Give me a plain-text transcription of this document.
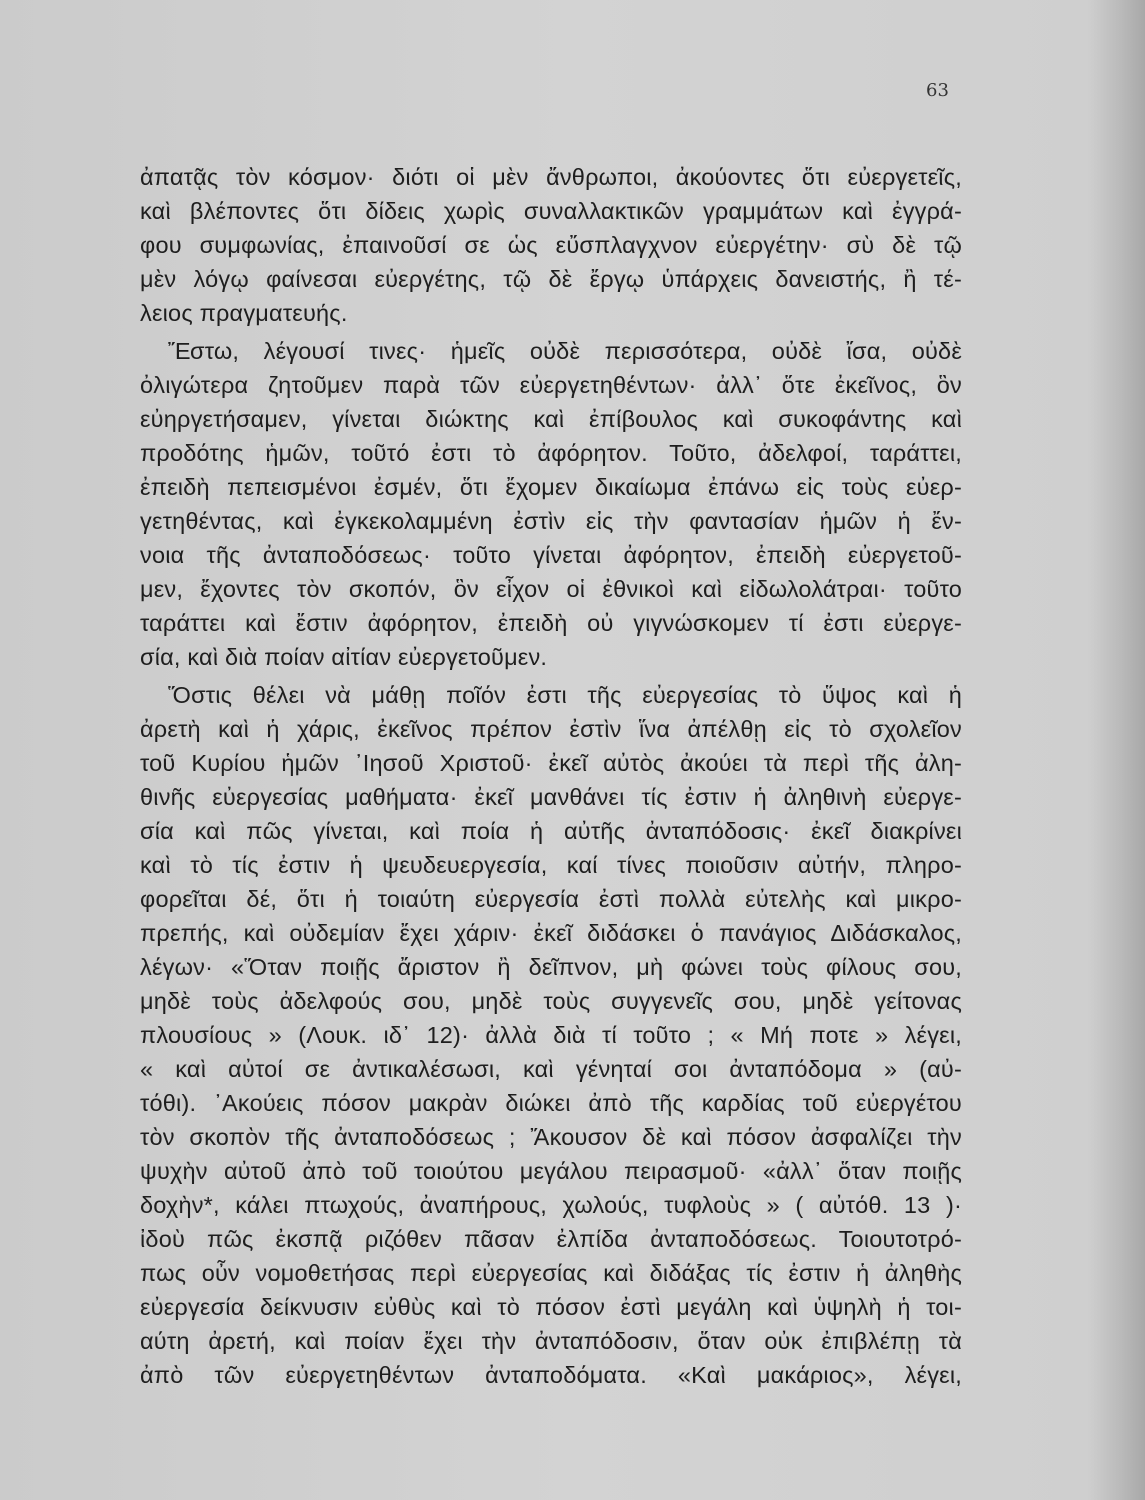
63
ἀπατᾷς τὸν κόσμον· διότι οἱ μὲν ἄνθρωποι, ἀκούοντες ὅτι εὐεργετεῖς,
καὶ βλέποντες ὅτι δίδεις χωρὶς συναλλακτικῶν γραμμάτων καὶ ἐγγρά-
φου συμφωνίας, ἐπαινοῦσί σε ὡς εὔσπλαγχνον εὐεργέτην· σὺ δὲ τῷ
μὲν λόγῳ φαίνεσαι εὐεργέτης, τῷ δὲ ἔργῳ ὑπάρχεις δανειστής, ἢ τέ-
λειος πραγματευής.
Ἔστω, λέγουσί τινες· ἡμεῖς οὐδὲ περισσότερα, οὐδὲ ἴσα, οὐδὲ
ὀλιγώτερα ζητοῦμεν παρὰ τῶν εὐεργετηθέντων· ἀλλ᾽ ὅτε ἐκεῖνος, ὃν
εὐηργετήσαμεν, γίνεται διώκτης καὶ ἐπίβουλος καὶ συκοφάντης καὶ
προδότης ἡμῶν, τοῦτό ἐστι τὸ ἀφόρητον. Τοῦτο, ἀδελφοί, ταράττει,
ἐπειδὴ πεπεισμένοι ἐσμέν, ὅτι ἔχομεν δικαίωμα ἐπάνω εἰς τοὺς εὐερ-
γετηθέντας, καὶ ἐγκεκολαμμένη ἐστὶν εἰς τὴν φαντασίαν ἡμῶν ἡ ἔν-
νοια τῆς ἀνταποδόσεως· τοῦτο γίνεται ἀφόρητον, ἐπειδὴ εὐεργετοῦ-
μεν, ἔχοντες τὸν σκοπόν, ὃν εἶχον οἱ ἐθνικοὶ καὶ εἰδωλολάτραι· τοῦτο
ταράττει καὶ ἔστιν ἀφόρητον, ἐπειδὴ οὐ γιγνώσκομεν τί ἐστι εὐεργε-
σία, καὶ διὰ ποίαν αἰτίαν εὐεργετοῦμεν.
Ὅστις θέλει νὰ μάθῃ ποῖόν ἐστι τῆς εὐεργεσίας τὸ ὕψος καὶ ἡ
ἀρετὴ καὶ ἡ χάρις, ἐκεῖνος πρέπον ἐστὶν ἵνα ἀπέλθῃ εἰς τὸ σχολεῖον
τοῦ Κυρίου ἡμῶν ᾿Ιησοῦ Χριστοῦ· ἐκεῖ αὐτὸς ἀκούει τὰ περὶ τῆς ἀλη-
θινῆς εὐεργεσίας μαθήματα· ἐκεῖ μανθάνει τίς ἐστιν ἡ ἀληθινὴ εὐεργε-
σία καὶ πῶς γίνεται, καὶ ποία ἡ αὐτῆς ἀνταπόδοσις· ἐκεῖ διακρίνει
καὶ τὸ τίς ἐστιν ἡ ψευδευεργεσία, καί τίνες ποιοῦσιν αὐτήν, πληρο-
φορεῖται δέ, ὅτι ἡ τοιαύτη εὐεργεσία ἐστὶ πολλὰ εὐτελὴς καὶ μικρο-
πρεπής, καὶ οὐδεμίαν ἔχει χάριν· ἐκεῖ διδάσκει ὁ πανάγιος Διδάσκαλος,
λέγων· «Ὅταν ποιῇς ἄριστον ἢ δεῖπνον, μὴ φώνει τοὺς φίλους σου,
μηδὲ τοὺς ἀδελφούς σου, μηδὲ τοὺς συγγενεῖς σου, μηδὲ γείτονας
πλουσίους » (Λουκ. ιδ᾽ 12)· ἀλλὰ διὰ τί τοῦτο ; « Μή ποτε » λέγει,
« καὶ αὐτοί σε ἀντικαλέσωσι, καὶ γένηταί σοι ἀνταπόδομα » (αὐ-
τόθι). ᾿Ακούεις πόσον μακρὰν διώκει ἀπὸ τῆς καρδίας τοῦ εὐεργέτου
τὸν σκοπὸν τῆς ἀνταποδόσεως ; Ἄκουσον δὲ καὶ πόσον ἀσφαλίζει τὴν
ψυχὴν αὐτοῦ ἀπὸ τοῦ τοιούτου μεγάλου πειρασμοῦ· «ἀλλ᾽ ὅταν ποιῇς
δοχὴν*, κάλει πτωχούς, ἀναπήρους, χωλούς, τυφλοὺς » ( αὐτόθ. 13 )·
ἰδοὺ πῶς ἐκσπᾷ ριζόθεν πᾶσαν ἐλπίδα ἀνταποδόσεως. Τοιουτοτρό-
πως οὖν νομοθετήσας περὶ εὐεργεσίας καὶ διδάξας τίς ἐστιν ἡ ἀληθὴς
εὐεργεσία δείκνυσιν εὐθὺς καὶ τὸ πόσον ἐστὶ μεγάλη καὶ ὑψηλὴ ἡ τοι-
αύτη ἀρετή, καὶ ποίαν ἔχει τὴν ἀνταπόδοσιν, ὅταν οὐκ ἐπιβλέπῃ τὰ
ἀπὸ τῶν εὐεργετηθέντων ἀνταποδόματα. «Καὶ μακάριος», λέγει,
